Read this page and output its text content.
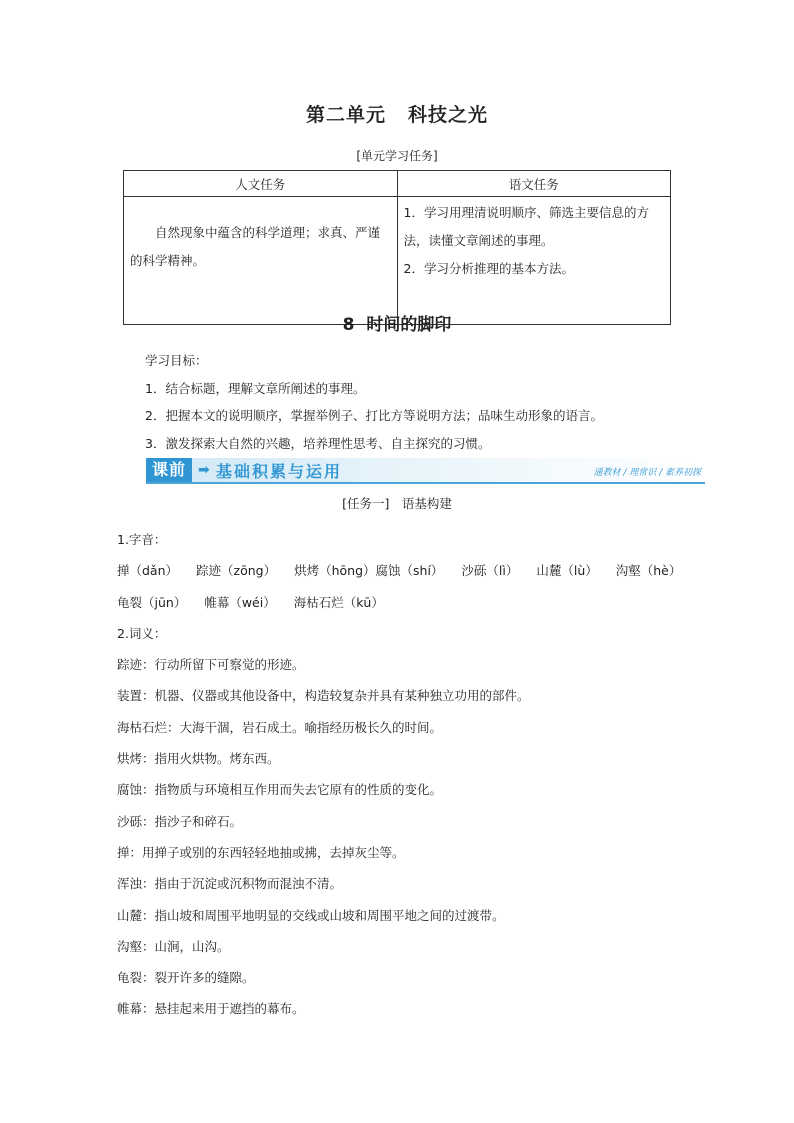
第二单元 科技之光
[单元学习任务]
人文任务	语文任务
自然现象中蕴含的科学道理；求真、严谨的科学精神。	1．学习用理清说明顺序、筛选主要信息的方法，读懂文章阐述的事理。
2．学习分析推理的基本方法。
8  时间的脚印
学习目标：
1．结合标题，理解文章所阐述的事理。
2．把握本文的说明顺序，掌握举例子、打比方等说明方法；品味生动形象的语言。
3．激发探索大自然的兴趣，培养理性思考、自主探究的习惯。
课前 ➡ 基础积累与运用	通教材 / 理常识 / 素养初探
[任务一]　语基构建
1.字音：
掸（dǎn） 踪迹（zōng） 烘烤（hōng）腐蚀（shí） 沙砾（lì） 山麓（lù） 沟壑（hè）
龟裂（jūn） 帷幕（wéi） 海枯石烂（kū）
2.词义：
踪迹：行动所留下可察觉的形迹。
装置：机器、仪器或其他设备中，构造较复杂并具有某种独立功用的部件。
海枯石烂：大海干涸，岩石成土。喻指经历极长久的时间。
烘烤：指用火烘物。烤东西。
腐蚀：指物质与环境相互作用而失去它原有的性质的变化。
沙砾：指沙子和碎石。
掸：用掸子或别的东西轻轻地抽或拂，去掉灰尘等。
浑浊：指由于沉淀或沉积物而混浊不清。
山麓：指山坡和周围平地明显的交线或山坡和周围平地之间的过渡带。
沟壑：山涧，山沟。
龟裂：裂开许多的缝隙。
帷幕：悬挂起来用于遮挡的幕布。
